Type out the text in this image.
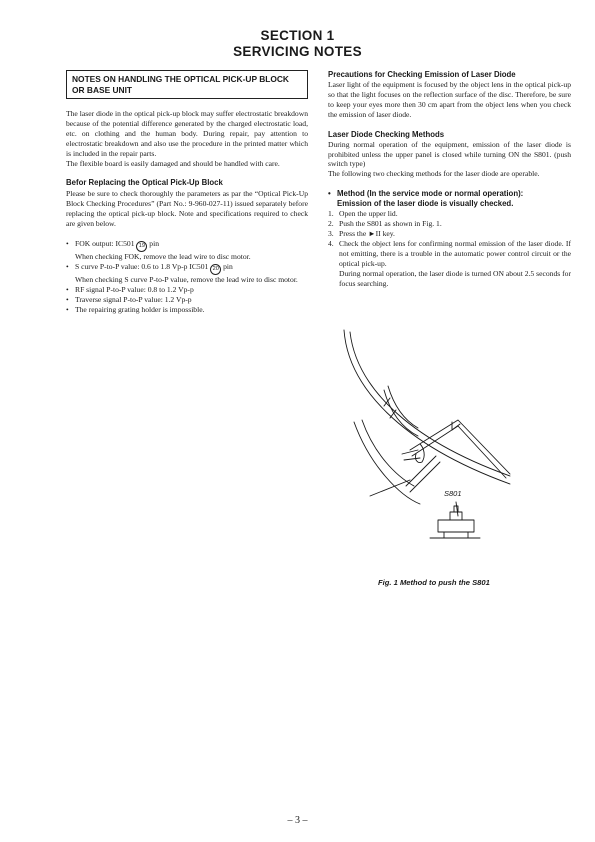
SECTION 1
SERVICING NOTES
NOTES ON HANDLING THE OPTICAL PICK-UP BLOCK OR BASE UNIT

The laser diode in the optical pick-up block may suffer electrostatic breakdown because of the potential difference generated by the charged electrostatic load, etc. on clothing and the human body. During repair, pay attention to electrostatic breakdown and also use the procedure in the printed matter which is included in the repair parts.

The flexible board is easily damaged and should be handled with care.

Befor Replacing the Optical Pick-Up Block

Please be sure to check thoroughly the parameters as par the “Optical Pick-Up Block Checking Procedures” (Part No.: 9-960-027-11) issued separately before replacing the optical pick-up block. Note and specifications required to check are given below.

• FOK output: IC501 19 pin
When checking FOK, remove the lead wire to disc motor.
• S curve P-to-P value: 0.6 to 1.8 Vp-p IC501 20 pin

When checking S curve P-to-P value, remove the lead wire to disc motor.
• RF signal P-to-P value: 0.8 to 1.2 Vp-p
• Traverse signal P-to-P value: 1.2 Vp-p
• The repairing grating holder is impossible.

Precautions for Checking Emission of Laser Diode

Laser light of the equipment is focused by the object lens in the optical pick-up so that the light focuses on the reflection surface of the disc. Therefore, be sure to keep your eyes more then 30 cm apart from the object lens when you check the emission of laser diode.

Laser Diode Checking Methods

During normal operation of the equipment, emission of the laser diode is prohibited unless the upper panel is closed while turning ON the S801. (push switch type)

The following two checking methods for the laser diode are operable.

• Method (In the service mode or normal operation):
Emission of the laser diode is visually checked.
1. Open the upper lid.
2. Push the S801 as shown in Fig. 1.
3. Press the ►II key.
4. Check the object lens for confirming normal emission of the laser diode. If not emitting, there is a trouble in the automatic power control circuit or the optical pick-up.

During normal operation, the laser diode is turned ON about 2.5 seconds for focus searching.
S801
Fig. 1 Method to push the S801
– 3 –
